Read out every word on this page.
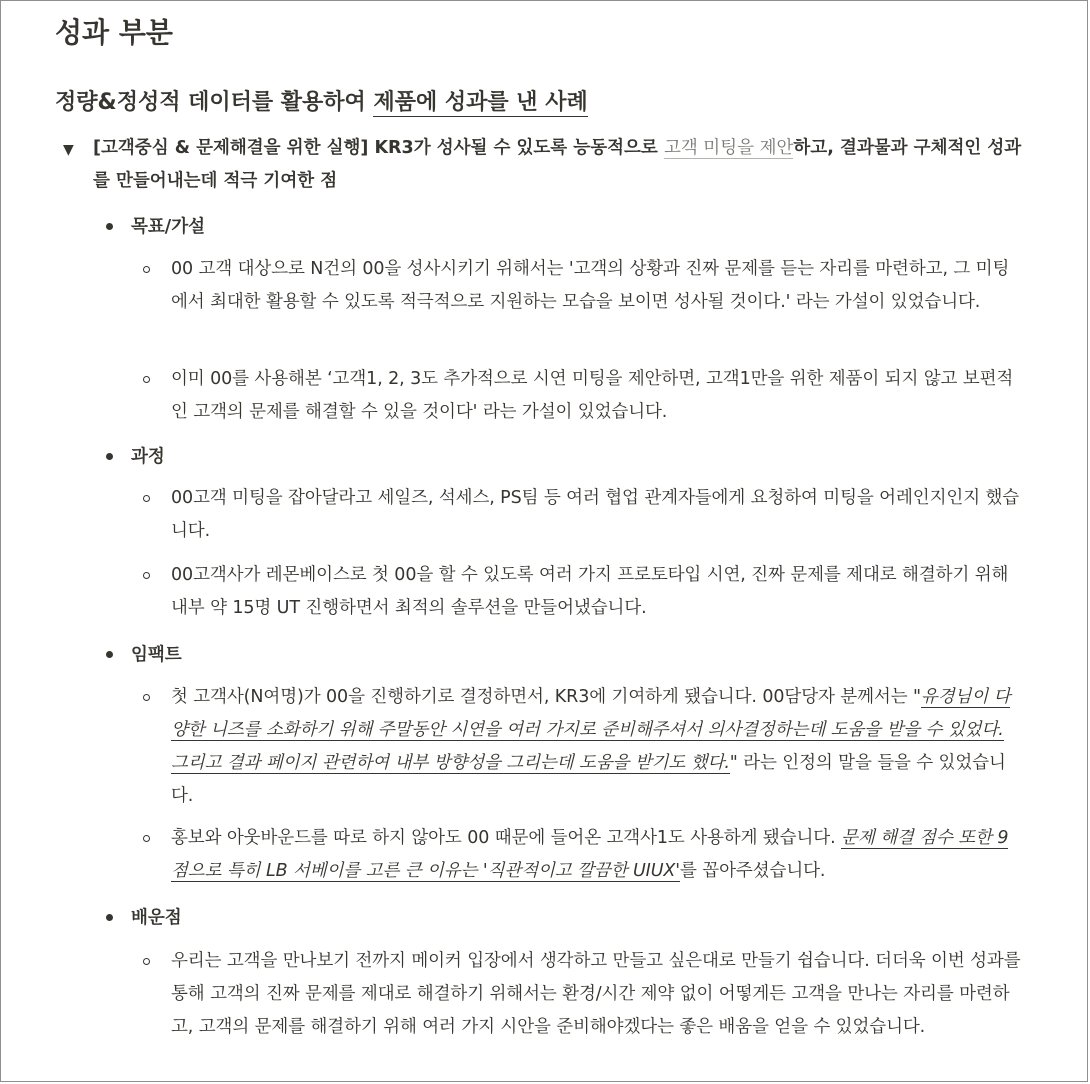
성과 부분
정량&정성적 데이터를 활용하여 제품에 성과를 낸 사례
▼ [고객중심 & 문제해결을 위한 실행] KR3가 성사될 수 있도록 능동적으로 고객 미팅을 제안하고, 결과물과 구체적인 성과를 만들어내는데 적극 기여한 점
목표/가설
00 고객 대상으로 N건의 00을 성사시키기 위해서는 '고객의 상황과 진짜 문제를 듣는 자리를 마련하고, 그 미팅에서 최대한 활용할 수 있도록 적극적으로 지원하는 모습을 보이면 성사될 것이다.' 라는 가설이 있었습니다.
이미 00를 사용해본 ‘고객1, 2, 3도 추가적으로 시연 미팅을 제안하면, 고객1만을 위한 제품이 되지 않고 보편적인 고객의 문제를 해결할 수 있을 것이다' 라는 가설이 있었습니다.
과정
00고객 미팅을 잡아달라고 세일즈, 석세스, PS팀 등 여러 협업 관계자들에게 요청하여 미팅을 어레인지인지 했습니다.
00고객사가 레몬베이스로 첫 00을 할 수 있도록 여러 가지 프로토타입 시연, 진짜 문제를 제대로 해결하기 위해 내부 약 15명 UT 진행하면서 최적의 솔루션을 만들어냈습니다.
임팩트
첫 고객사(N여명)가 00을 진행하기로 결정하면서, KR3에 기여하게 됐습니다. 00담당자 분께서는 "유경님이 다양한 니즈를 소화하기 위해 주말동안 시연을 여러 가지로 준비해주셔서 의사결정하는데 도움을 받을 수 있었다. 그리고 결과 페이지 관련하여 내부 방향성을 그리는데 도움을 받기도 했다." 라는 인정의 말을 들을 수 있었습니다.
홍보와 아웃바운드를 따로 하지 않아도 00 때문에 들어온 고객사1도 사용하게 됐습니다. 문제 해결 점수 또한 9점으로 특히 LB 서베이를 고른 큰 이유는 '직관적이고 깔끔한 UIUX'를 꼽아주셨습니다.
배운점
우리는 고객을 만나보기 전까지 메이커 입장에서 생각하고 만들고 싶은대로 만들기 쉽습니다. 더더욱 이번 성과를 통해 고객의 진짜 문제를 제대로 해결하기 위해서는 환경/시간 제약 없이 어떻게든 고객을 만나는 자리를 마련하고, 고객의 문제를 해결하기 위해 여러 가지 시안을 준비해야겠다는 좋은 배움을 얻을 수 있었습니다.
